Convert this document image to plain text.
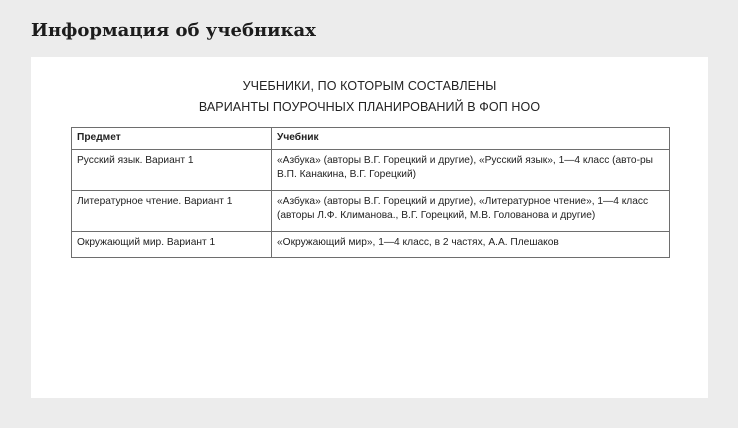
Информация об учебниках
УЧЕБНИКИ, ПО КОТОРЫМ СОСТАВЛЕНЫ
ВАРИАНТЫ ПОУРОЧНЫХ ПЛАНИРОВАНИЙ В ФОП НОО
Предмет	Учебник
Русский язык. Вариант 1	«Азбука» (авторы В.Г. Горецкий и другие), «Русский язык», 1—4 класс (авто-ры В.П. Канакина, В.Г. Горецкий)
Литературное чтение. Вариант 1	«Азбука» (авторы В.Г. Горецкий и другие), «Литературное чтение», 1—4 класс (авторы Л.Ф. Климанова., В.Г. Горецкий, М.В. Голованова и другие)
Окружающий мир. Вариант 1	«Окружающий мир», 1—4 класс, в 2 частях, А.А. Плешаков
